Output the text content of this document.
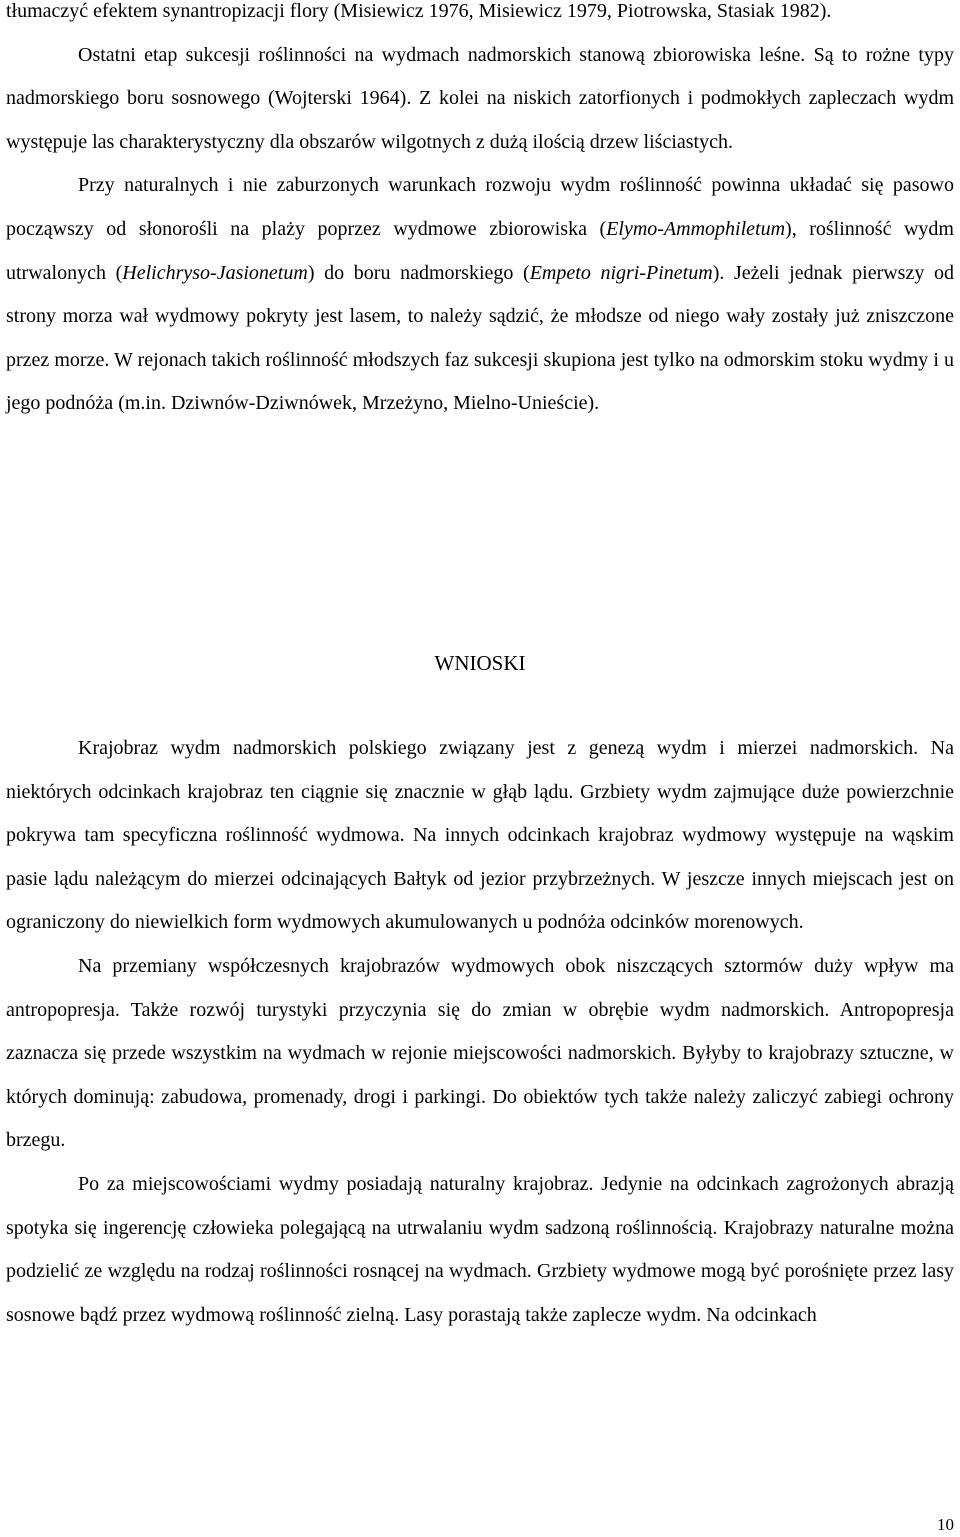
tłumaczyć efektem synantropizacji flory (Misiewicz 1976, Misiewicz 1979, Piotrowska, Stasiak 1982).

Ostatni etap sukcesji roślinności na wydmach nadmorskich stanową zbiorowiska leśne. Są to rożne typy nadmorskiego boru sosnowego (Wojterski 1964). Z kolei na niskich zatorfionych i podmokłych zapleczach wydm występuje las charakterystyczny dla obszarów wilgotnych z dużą ilością drzew liściastych.

Przy naturalnych i nie zaburzonych warunkach rozwoju wydm roślinność powinna układać się pasowo począwszy od słonorośli na plaży poprzez wydmowe zbiorowiska (Elymo-Ammophiletum), roślinność wydm utrwalonych (Helichryso-Jasionetum) do boru nadmorskiego (Empeto nigri-Pinetum). Jeżeli jednak pierwszy od strony morza wał wydmowy pokryty jest lasem, to należy sądzić, że młodsze od niego wały zostały już zniszczone przez morze. W rejonach takich roślinność młodszych faz sukcesji skupiona jest tylko na odmorskim stoku wydmy i u jego podnóża (m.in. Dziwnów-Dziwnówek, Mrzeżyno, Mielno-Unieście).

WNIOSKI

Krajobraz wydm nadmorskich polskiego związany jest z genezą wydm i mierzei nadmorskich. Na niektórych odcinkach krajobraz ten ciągnie się znacznie w głąb lądu. Grzbiety wydm zajmujące duże powierzchnie pokrywa tam specyficzna roślinność wydmowa. Na innych odcinkach krajobraz wydmowy występuje na wąskim pasie lądu należącym do mierzei odcinających Bałtyk od jezior przybrzeżnych. W jeszcze innych miejscach jest on ograniczony do niewielkich form wydmowych akumulowanych u podnóża odcinków morenowych.

Na przemiany współczesnych krajobrazów wydmowych obok niszczących sztormów duży wpływ ma antropopresja. Także rozwój turystyki przyczynia się do zmian w obrębie wydm nadmorskich. Antropopresja zaznacza się przede wszystkim na wydmach w rejonie miejscowości nadmorskich. Byłyby to krajobrazy sztuczne, w których dominują: zabudowa, promenady, drogi i parkingi. Do obiektów tych także należy zaliczyć zabiegi ochrony brzegu.

Po za miejscowościami wydmy posiadają naturalny krajobraz. Jedynie na odcinkach zagrożonych abrazją spotyka się ingerencję człowieka polegającą na utrwalaniu wydm sadzoną roślinnością. Krajobrazy naturalne można podzielić ze względu na rodzaj roślinności rosnącej na wydmach. Grzbiety wydmowe mogą być porośnięte przez lasy sosnowe bądź przez wydmową roślinność zielną. Lasy porastają także zaplecze wydm. Na odcinkach

10
